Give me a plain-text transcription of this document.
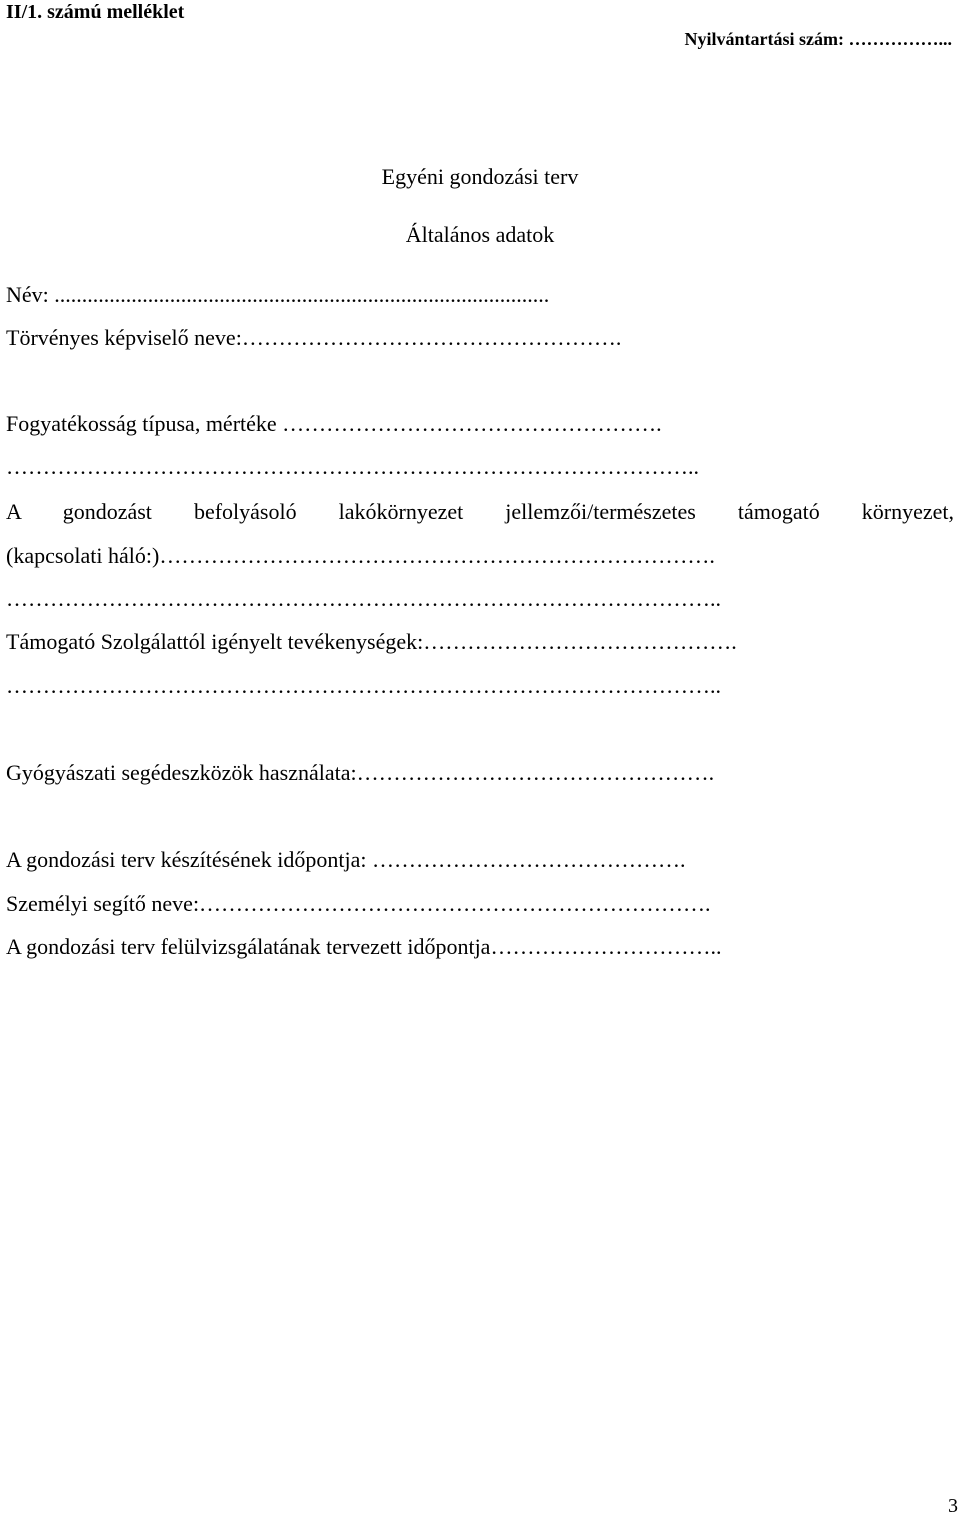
II/1. számú melléklet
Nyilvántartási szám: ……………...
Egyéni gondozási terv
Általános adatok
Név: ..........................................................................................
Törvényes képviselő neve:…………………………………………….
Fogyatékosság típusa, mértéke …………………………………………….
…………………………………………………………………………………..
A gondozást befolyásoló lakókörnyezet jellemzői/természetes támogató környezet,
(kapcsolati háló:)………………………………………………………………….
……………………………………………………………………………………..
Támogató Szolgálattól igényelt tevékenységek:…………………………………….
……………………………………………………………………………………..
Gyógyászati segédeszközök használata:………………………………………….
A gondozási terv készítésének időpontja: …………………………………….
Személyi segítő neve:…………………………………………………………….
A gondozási terv felülvizsgálatának tervezett időpontja…………………………..
3
